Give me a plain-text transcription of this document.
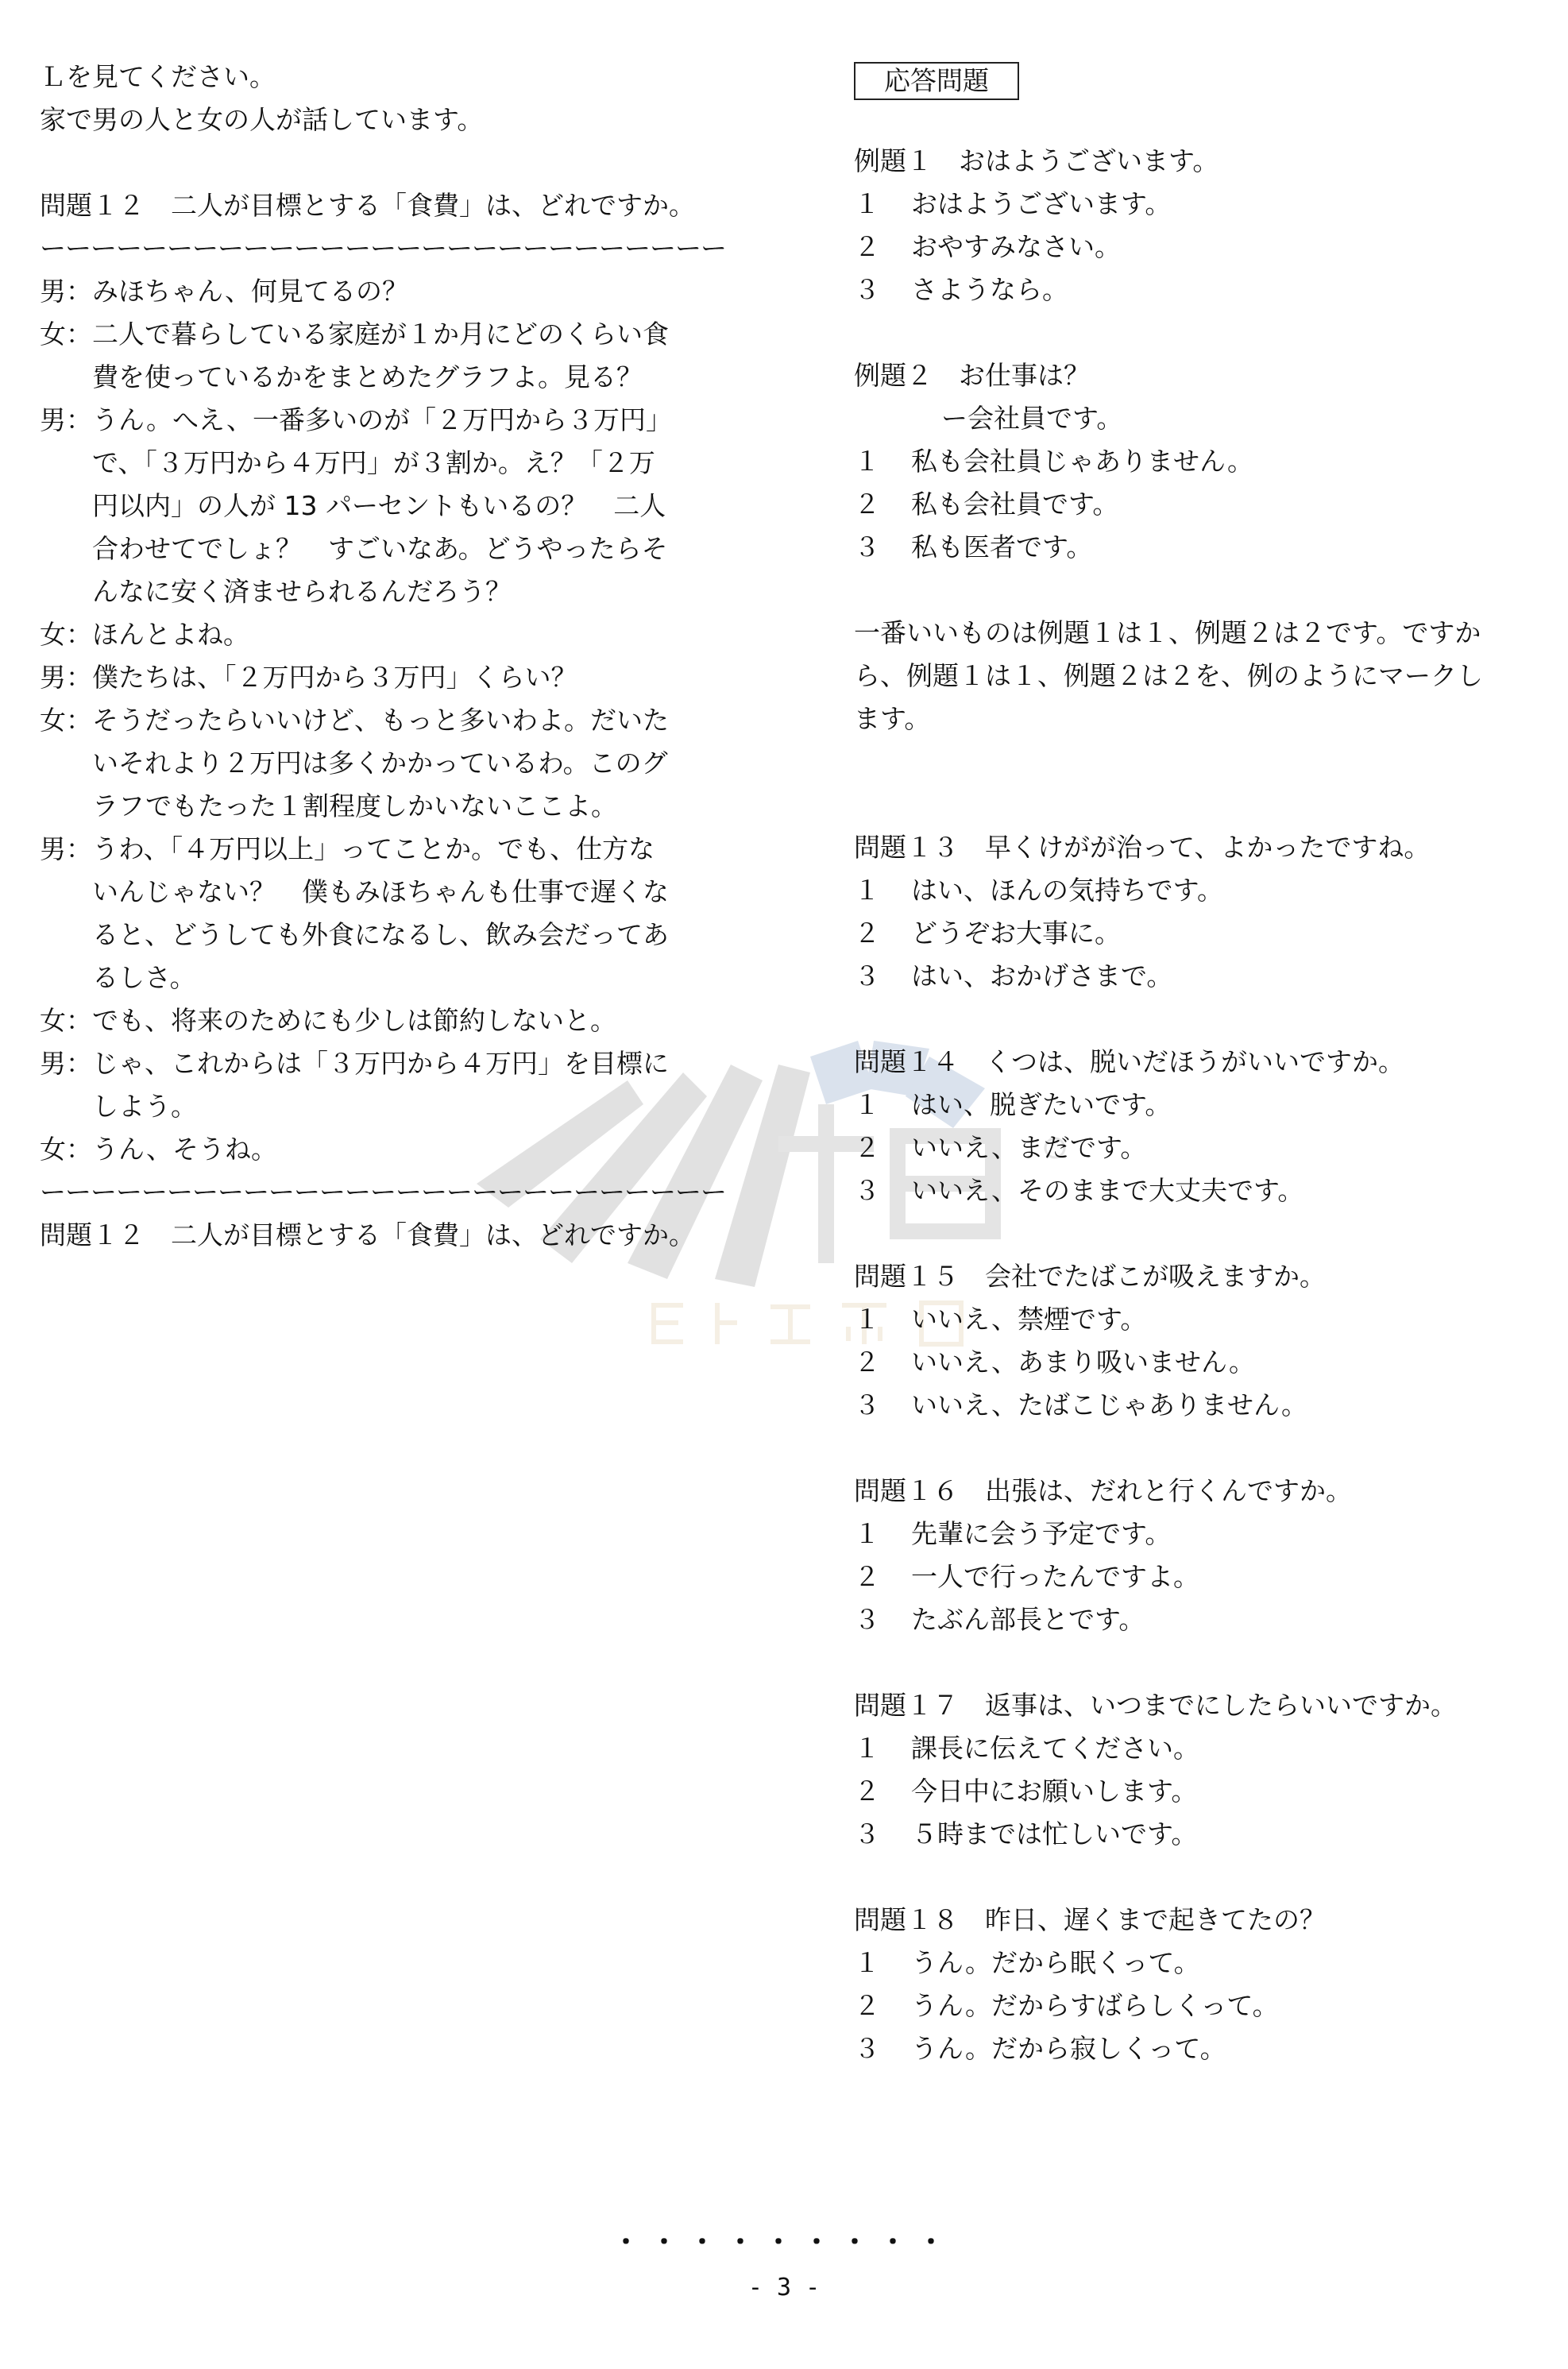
Ｌを見てください。
家で男の人と女の人が話しています。
問題１２　二人が目標とする「食費」は、どれですか。
ーーーーーーーーーーーーーーーーーーーーーーーーーーー
男： みほちゃん、何見てるの？
女： 二人で暮らしている家庭が１か月にどのくらい食
費を使っているかをまとめたグラフよ。見る？
男： うん。へえ、一番多いのが「２万円から３万円」
で、「３万円から４万円」が３割か。え？「２万
円以内」の人が 13 パーセントもいるの？　二人
合わせてでしょ？　すごいなあ。どうやったらそ
んなに安く済ませられるんだろう？
女： ほんとよね。
男： 僕たちは、「２万円から３万円」くらい？
女： そうだったらいいけど、もっと多いわよ。だいた
いそれより２万円は多くかかっているわ。このグ
ラフでもたった１割程度しかいないここよ。
男： うわ、「４万円以上」ってことか。でも、仕方な
いんじゃない？　僕もみほちゃんも仕事で遅くな
ると、どうしても外食になるし、飲み会だってあ
るしさ。
女： でも、将来のためにも少しは節約しないと。
男： じゃ、これからは「３万円から４万円」を目標に
しよう。
女： うん、そうね。
ーーーーーーーーーーーーーーーーーーーーーーーーーーー
問題１２　二人が目標とする「食費」は、どれですか。
応答問題
例題１　おはようございます。
１ おはようございます。
２ おやすみなさい。
３ さようなら。
例題２　お仕事は？
ー会社員です。
１ 私も会社員じゃありません。
２ 私も会社員です。
３ 私も医者です。
一番いいものは例題１は１、例題２は２です。ですか
ら、例題１は１、例題２は２を、例のようにマークし
ます。
問題１３　早くけがが治って、よかったですね。
１ はい、ほんの気持ちです。
２ どうぞお大事に。
３ はい、おかげさまで。
問題１４　くつは、脱いだほうがいいですか。
１ はい、脱ぎたいです。
２ いいえ、まだです。
３ いいえ、そのままで大丈夫です。
問題１５　会社でたばこが吸えますか。
１ いいえ、禁煙です。
２ いいえ、あまり吸いません。
３ いいえ、たばこじゃありません。
問題１６　出張は、だれと行くんですか。
１ 先輩に会う予定です。
２ 一人で行ったんですよ。
３ たぶん部長とです。
問題１７　返事は、いつまでにしたらいいですか。
１ 課長に伝えてください。
２ 今日中にお願いします。
３ ５時までは忙しいです。
問題１８　昨日、遅くまで起きてたの？
１ うん。だから眠くって。
２ うん。だからすばらしくって。
３ うん。だから寂しくって。
・・・・・・・・・
- 3 -
